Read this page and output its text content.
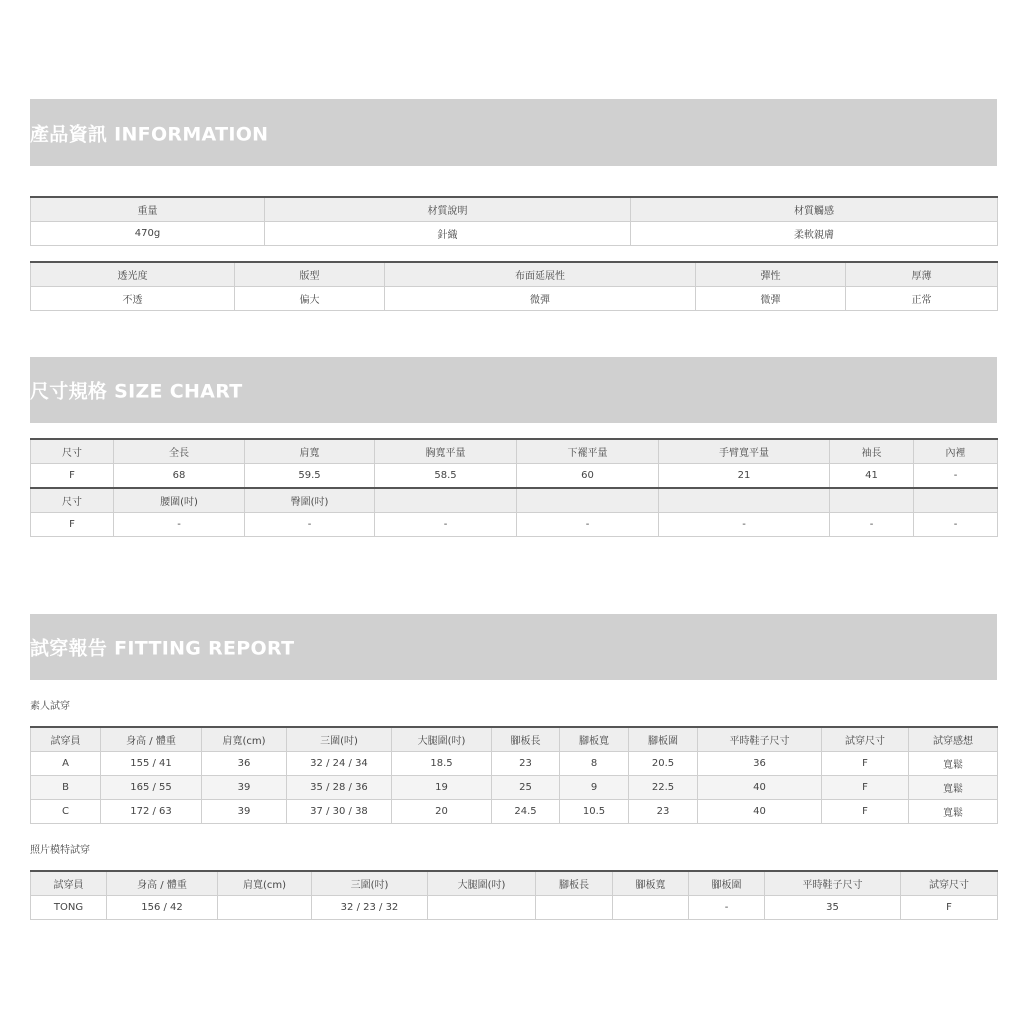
產品資訊 INFORMATION
重量	材質說明	材質觸感
470g	針織	柔軟親膚
透光度	版型	布面延展性	彈性	厚薄
不透	偏大	微彈	微彈	正常
尺寸規格 SIZE CHART
尺寸	全長	肩寬	胸寬平量	下襬平量	手臂寬平量	袖長	內裡
F	68	59.5	58.5	60	21	41	-
尺寸	腰圍(吋)	臀圍(吋)					
F	-	-	-	-	-	-	-
試穿報告 FITTING REPORT
素人試穿
試穿員	身高 / 體重	肩寬(cm)	三圍(吋)	大腿圍(吋)	腳板長	腳板寬	腳板圍	平時鞋子尺寸	試穿尺寸	試穿感想
A	155 / 41	36	32 / 24 / 34	18.5	23	8	20.5	36	F	寬鬆
B	165 / 55	39	35 / 28 / 36	19	25	9	22.5	40	F	寬鬆
C	172 / 63	39	37 / 30 / 38	20	24.5	10.5	23	40	F	寬鬆
照片模特試穿
試穿員	身高 / 體重	肩寬(cm)	三圍(吋)	大腿圍(吋)	腳板長	腳板寬	腳板圍	平時鞋子尺寸	試穿尺寸
TONG	156 / 42		32 / 23 / 32				-	35	F
